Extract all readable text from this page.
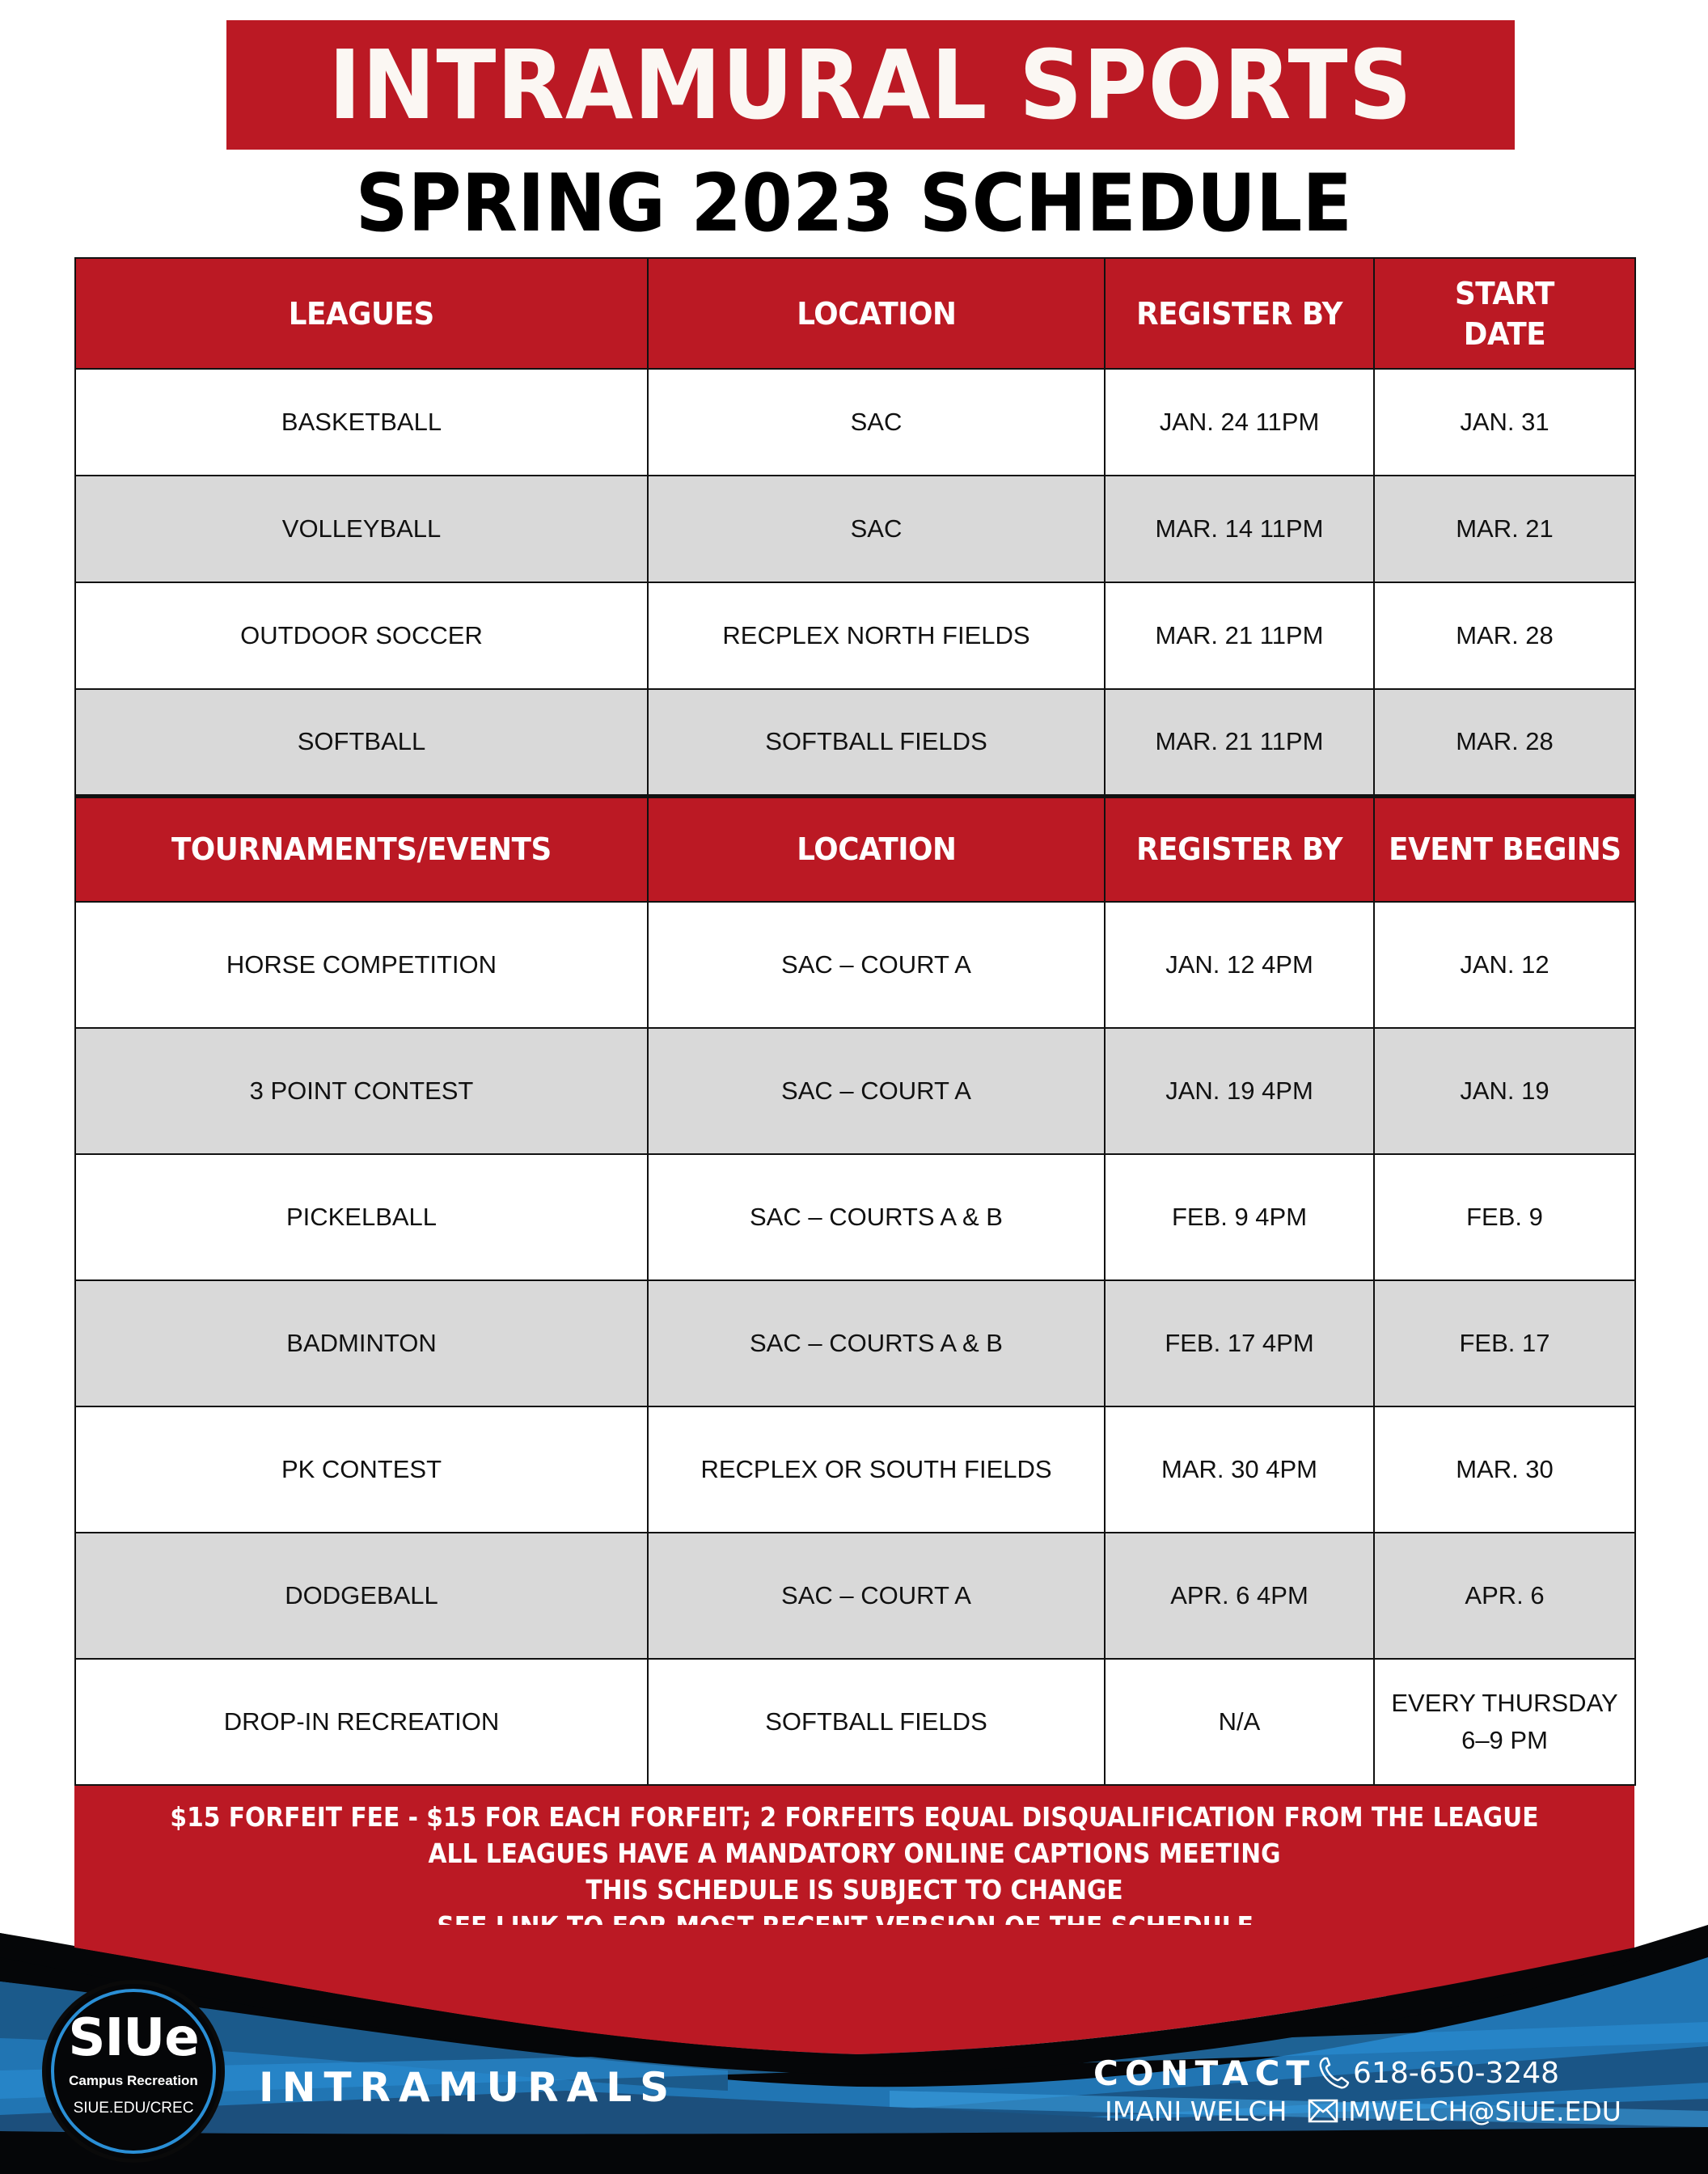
INTRAMURAL SPORTS
SPRING 2023 SCHEDULE
LEAGUES	LOCATION	REGISTER BY	START DATE
BASKETBALL	SAC	JAN. 24 11PM	JAN. 31
VOLLEYBALL	SAC	MAR. 14 11PM	MAR. 21
OUTDOOR SOCCER	RECPLEX NORTH FIELDS	MAR. 21 11PM	MAR. 28
SOFTBALL	SOFTBALL FIELDS	MAR. 21 11PM	MAR. 28
TOURNAMENTS/EVENTS	LOCATION	REGISTER BY	EVENT BEGINS
HORSE COMPETITION	SAC – COURT A	JAN. 12 4PM	JAN. 12
3 POINT CONTEST	SAC – COURT A	JAN. 19 4PM	JAN. 19
PICKELBALL	SAC – COURTS A & B	FEB. 9 4PM	FEB. 9
BADMINTON	SAC – COURTS A & B	FEB. 17 4PM	FEB. 17
PK CONTEST	RECPLEX OR SOUTH FIELDS	MAR. 30 4PM	MAR. 30
DODGEBALL	SAC – COURT A	APR. 6 4PM	APR. 6
DROP-IN RECREATION	SOFTBALL FIELDS	N/A	EVERY THURSDAY
6–9 PM

$15 FORFEIT FEE - $15 FOR EACH FORFEIT; 2 FORFEITS EQUAL DISQUALIFICATION FROM THE LEAGUE

ALL LEAGUES HAVE A MANDATORY ONLINE CAPTIONS MEETING

THIS SCHEDULE IS SUBJECT TO CHANGE

SIUe
Campus Recreation
SIUE.EDU/CREC	INTRAMURALS	CONTACT 618-650-3248
IMANI WELCH IMWELCH@SIUE.EDU
